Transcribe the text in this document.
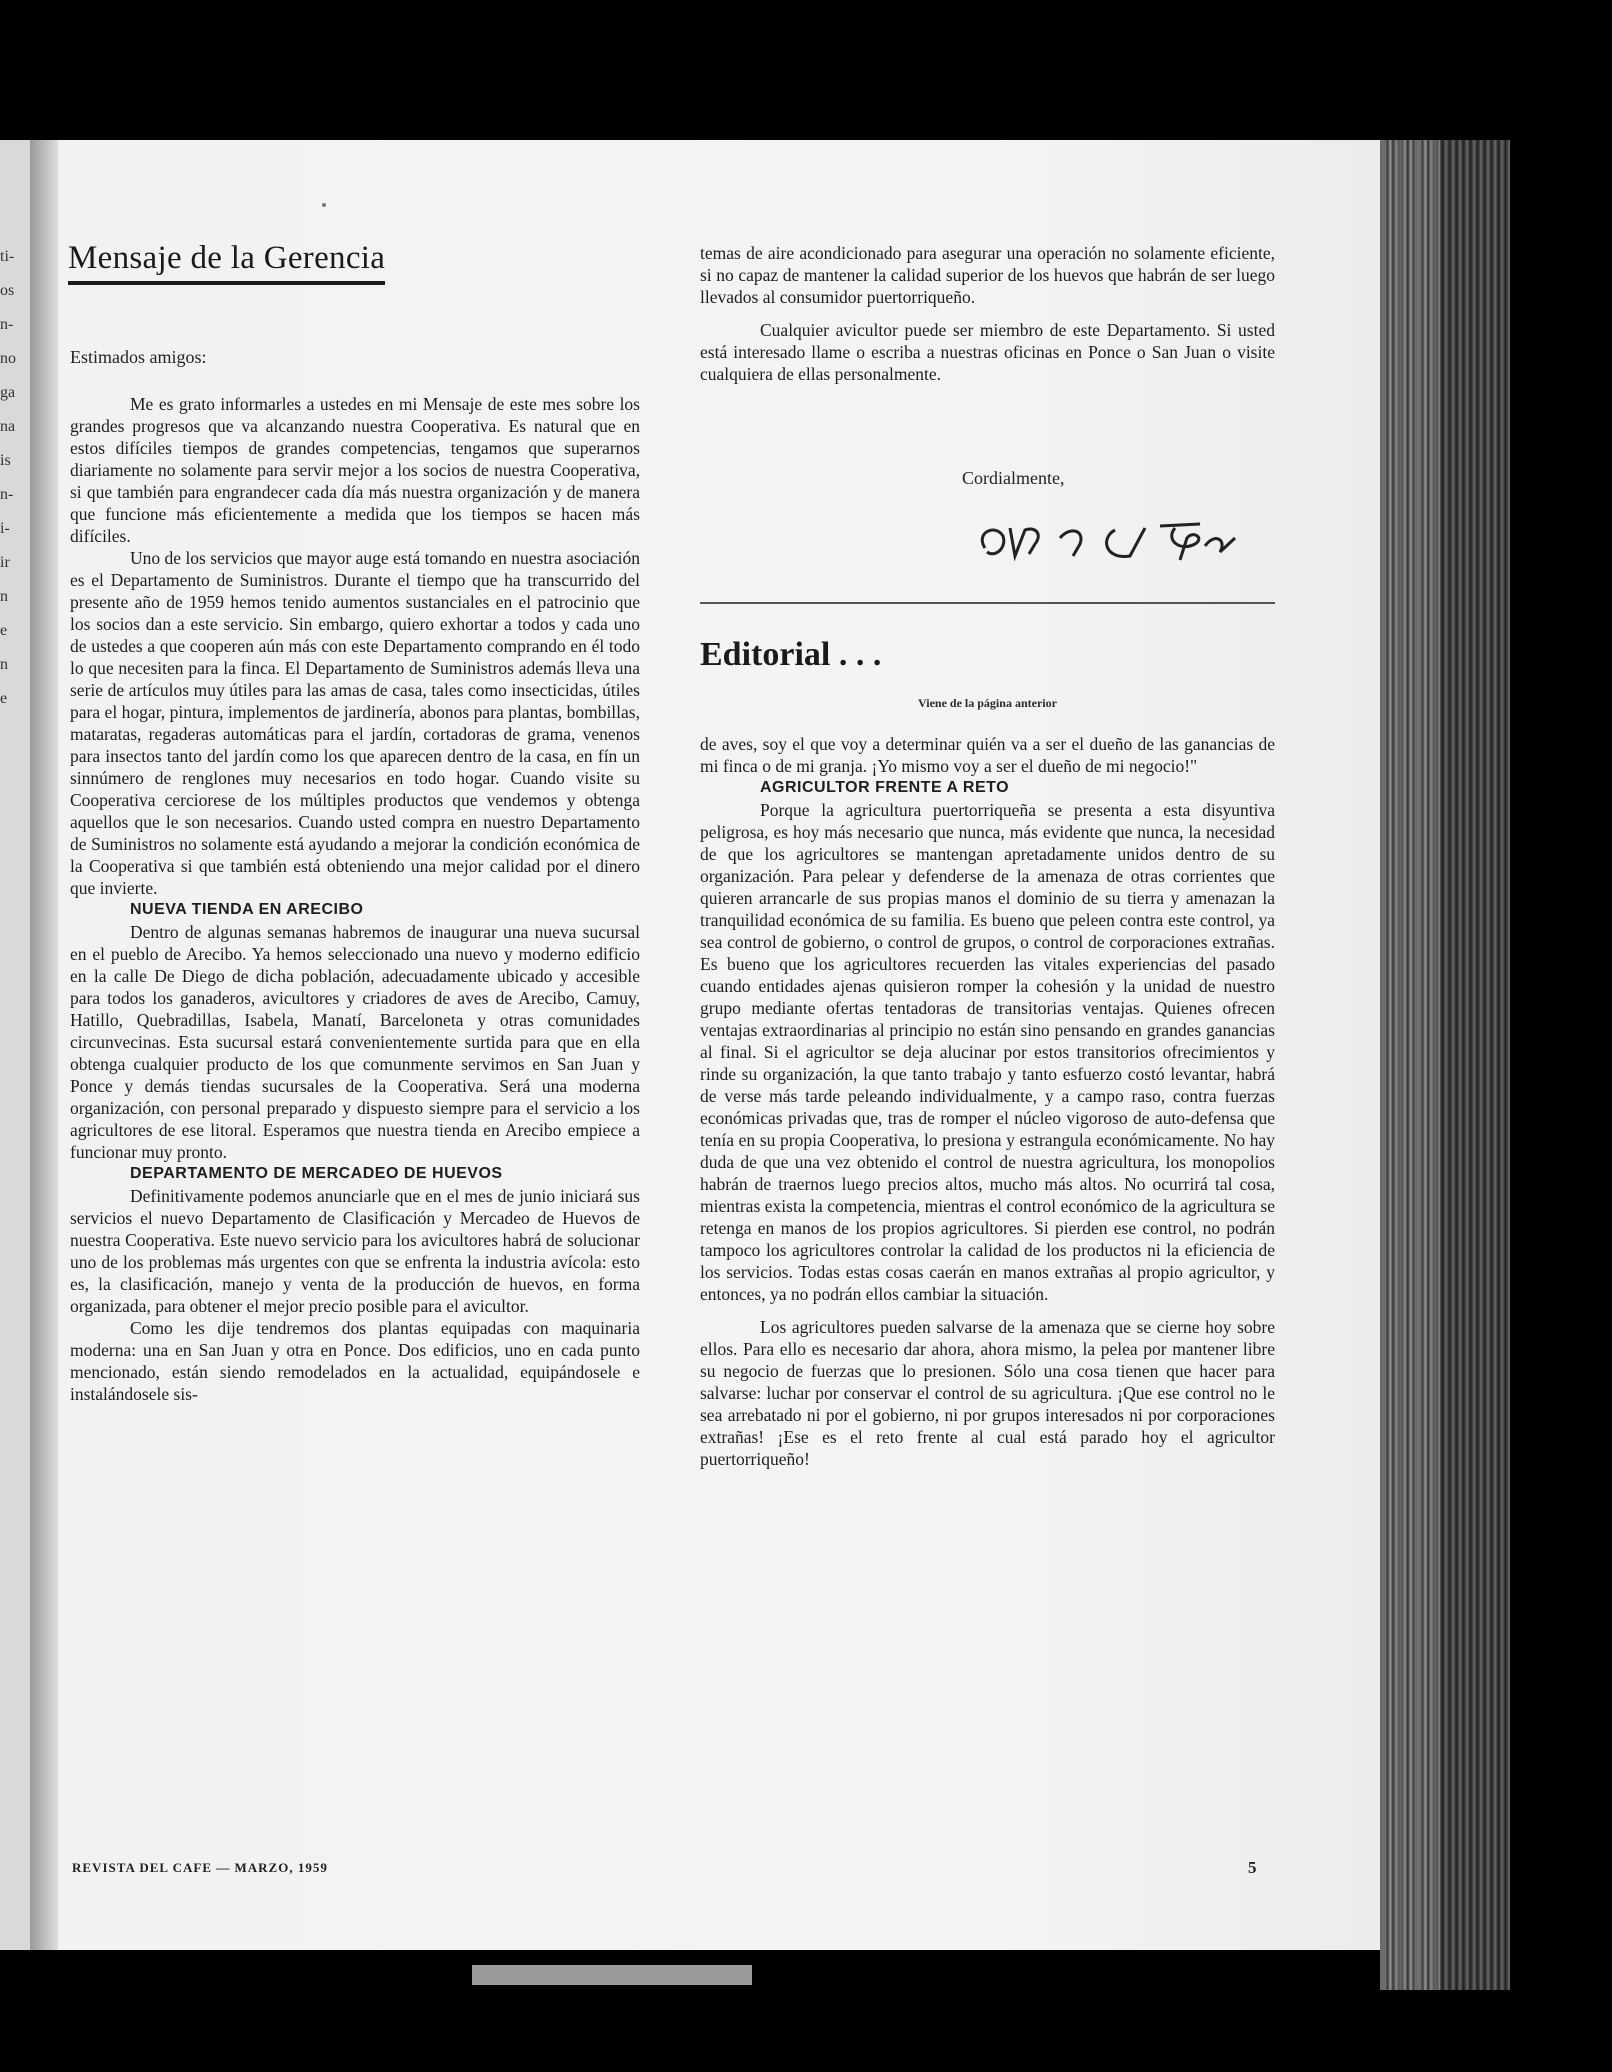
ti-
os
n-
no
ga
na
is
n-
i-
ir
n
e
n
e
Mensaje de la Gerencia
Estimados amigos:

Me es grato informarles a ustedes en mi Mensaje de este mes sobre los grandes progresos que va alcanzando nuestra Cooperativa. Es natural que en estos difíciles tiempos de grandes competencias, tengamos que superarnos diariamente no solamente para servir mejor a los socios de nuestra Cooperativa, si que también para engrandecer cada día más nuestra organización y de manera que funcione más eficientemente a medida que los tiempos se hacen más difíciles.

Uno de los servicios que mayor auge está tomando en nuestra asociación es el Departamento de Suministros. Durante el tiempo que ha transcurrido del presente año de 1959 hemos tenido aumentos sustanciales en el patrocinio que los socios dan a este servicio. Sin embargo, quiero exhortar a todos y cada uno de ustedes a que cooperen aún más con este Departamento comprando en él todo lo que necesiten para la finca. El Departamento de Suministros además lleva una serie de artículos muy útiles para las amas de casa, tales como insecticidas, útiles para el hogar, pintura, implementos de jardinería, abonos para plantas, bombillas, mataratas, regaderas automáticas para el jardín, cortadoras de grama, venenos para insectos tanto del jardín como los que aparecen dentro de la casa, en fín un sinnúmero de renglones muy necesarios en todo hogar. Cuando visite su Cooperativa cerciorese de los múltiples productos que vendemos y obtenga aquellos que le son necesarios. Cuando usted compra en nuestro Departamento de Suministros no solamente está ayudando a mejorar la condición económica de la Cooperativa si que también está obteniendo una mejor calidad por el dinero que invierte.

NUEVA TIENDA EN ARECIBO

Dentro de algunas semanas habremos de inaugurar una nueva sucursal en el pueblo de Arecibo. Ya hemos seleccionado una nuevo y moderno edificio en la calle De Diego de dicha población, adecuadamente ubicado y accesible para todos los ganaderos, avicultores y criadores de aves de Arecibo, Camuy, Hatillo, Quebradillas, Isabela, Manatí, Barceloneta y otras comunidades circunvecinas. Esta sucursal estará convenientemente surtida para que en ella obtenga cualquier producto de los que comunmente servimos en San Juan y Ponce y demás tiendas sucursales de la Cooperativa. Será una moderna organización, con personal preparado y dispuesto siempre para el servicio a los agricultores de ese litoral. Esperamos que nuestra tienda en Arecibo empiece a funcionar muy pronto.

DEPARTAMENTO DE MERCADEO DE HUEVOS

Definitivamente podemos anunciarle que en el mes de junio iniciará sus servicios el nuevo Departamento de Clasificación y Mercadeo de Huevos de nuestra Cooperativa. Este nuevo servicio para los avicultores habrá de solucionar uno de los problemas más urgentes con que se enfrenta la industria avícola: esto es, la clasificación, manejo y venta de la producción de huevos, en forma organizada, para obtener el mejor precio posible para el avicultor.

Como les dije tendremos dos plantas equipadas con maquinaria moderna: una en San Juan y otra en Ponce. Dos edificios, uno en cada punto mencionado, están siendo remodelados en la actualidad, equipándosele e instalándosele sis-

temas de aire acondicionado para asegurar una operación no solamente eficiente, si no capaz de mantener la calidad superior de los huevos que habrán de ser luego llevados al consumidor puertorriqueño.

Cualquier avicultor puede ser miembro de este Departamento. Si usted está interesado llame o escriba a nuestras oficinas en Ponce o San Juan o visite cualquiera de ellas personalmente.

Cordialmente,
Editorial . . .
Viene de la página anterior

de aves, soy el que voy a determinar quién va a ser el dueño de las ganancias de mi finca o de mi granja. ¡Yo mismo voy a ser el dueño de mi negocio!"

AGRICULTOR FRENTE A RETO

Porque la agricultura puertorriqueña se presenta a esta disyuntiva peligrosa, es hoy más necesario que nunca, más evidente que nunca, la necesidad de que los agricultores se mantengan apretadamente unidos dentro de su organización. Para pelear y defenderse de la amenaza de otras corrientes que quieren arrancarle de sus propias manos el dominio de su tierra y amenazan la tranquilidad económica de su familia. Es bueno que peleen contra este control, ya sea control de gobierno, o control de grupos, o control de corporaciones extrañas. Es bueno que los agricultores recuerden las vitales experiencias del pasado cuando entidades ajenas quisieron romper la cohesión y la unidad de nuestro grupo mediante ofertas tentadoras de transitorias ventajas. Quienes ofrecen ventajas extraordinarias al principio no están sino pensando en grandes ganancias al final. Si el agricultor se deja alucinar por estos transitorios ofrecimientos y rinde su organización, la que tanto trabajo y tanto esfuerzo costó levantar, habrá de verse más tarde peleando individualmente, y a campo raso, contra fuerzas económicas privadas que, tras de romper el núcleo vigoroso de auto-defensa que tenía en su propia Cooperativa, lo presiona y estrangula económicamente. No hay duda de que una vez obtenido el control de nuestra agricultura, los monopolios habrán de traernos luego precios altos, mucho más altos. No ocurrirá tal cosa, mientras exista la competencia, mientras el control económico de la agricultura se retenga en manos de los propios agricultores. Si pierden ese control, no podrán tampoco los agricultores controlar la calidad de los productos ni la eficiencia de los servicios. Todas estas cosas caerán en manos extrañas al propio agricultor, y entonces, ya no podrán ellos cambiar la situación.

Los agricultores pueden salvarse de la amenaza que se cierne hoy sobre ellos. Para ello es necesario dar ahora, ahora mismo, la pelea por mantener libre su negocio de fuerzas que lo presionen. Sólo una cosa tienen que hacer para salvarse: luchar por conservar el control de su agricultura. ¡Que ese control no le sea arrebatado ni por el gobierno, ni por grupos interesados ni por corporaciones extrañas! ¡Ese es el reto frente al cual está parado hoy el agricultor puertorriqueño!

REVISTA DEL CAFE — MARZO, 1959	5
